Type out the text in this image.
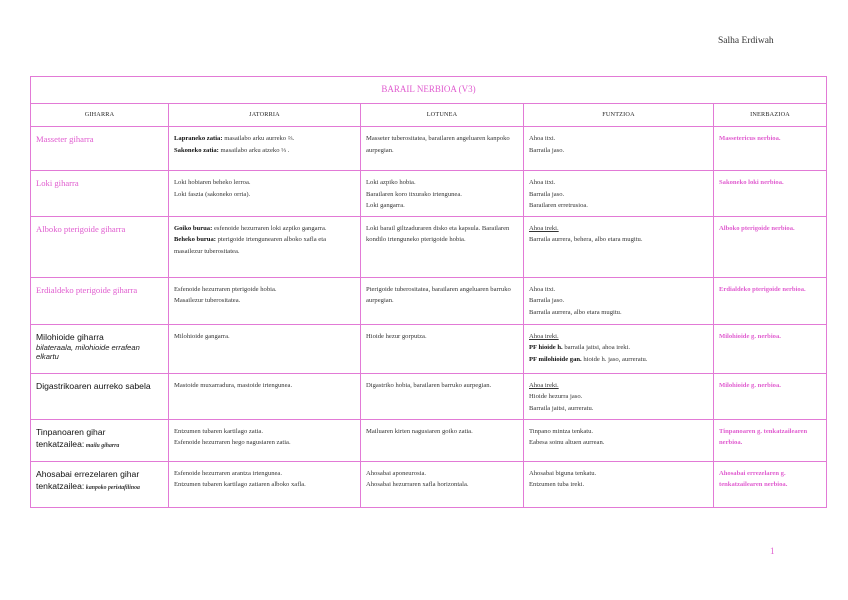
Salha Erdiwah
BARAIL NERBIOA (V3)				
GIHARRA	JATORRIA	LOTUNEA	FUNTZIOA	INERBAZIOA
Masseter giharra	Lapraneko zatia: masailabo arku aurreko ⅔.
Sakoneko zatia: masailabo arku atzeko ⅓ .	Masseter tuberositatea, barailaren angeluaren kanpoko aurpegian.	Ahoa itxi.
Barraila jaso.	Massetericus nerbioa.
Loki giharra	Loki hobiaren beheko lerroa.
Loki faszia (sakoneko orria).	Loki azpiko hobia.
Barailaren koro itxurako irtengunea.
Loki gangarra.	Ahoa itxi.
Barraila jaso.
Barailaren erretrusioa.	Sakoneko loki nerbioa.
Alboko pterigoide giharra	Goiko burua: esfenoide hezurraren loki azpiko gangarra.
Beheko burua: pterigoide irtengunearen alboko xafla eta masailezur tuberositatea.	Loki barail giltzaduraren disko eta kapsula. Barailaren kondilo irtenguneko pterigoide hobia.	Ahoa ireki.
Barraila aurrera, behera, albo etara mugitu.	Alboko pterigoide nerbioa.
Erdialdeko pterigoide giharra	Esfenoide hezurraren pterigoide hobia.
Masailezur tuberositatea.	Pterigoide tuberositatea, barailaren angeluaren barruko aurpegian.	Ahoa itxi.
Barraila jaso.
Barraila aurrera, albo etara mugitu.	Erdialdeko pterigoide nerbioa.

Milohioide giharra
bilateraala, milohioide errafean elkartu	Milohioide gangarra.	Hioide hezur gorputza.	Ahoa ireki.
PF hioide h. barraila jaitsi, ahoa ireki.
PF milohioide gan. hioide h. jaso, aurreratu.	Milohioide g. nerbioa.
Digastrikoaren aurreko sabela	Mastoide muxarradura, mastoide irtengunea.	Digastriko hobia, barailaren barruko aurpegian.	Ahoa ireki.
Hioide hezurra jaso.
Barraila jaitsi, aurreratu.	Milohioide g. nerbioa.

Tinpanoaren gihar
tenkatzailea: mailu giharra	Entzumen tubaren kartilago zatia.
Esfenoide hezurraren hego nagusiaren zatia.	Mailuaren kirten nagusiaren goiko zatia.	Tinpano mintza tenkatu.
Eabesa soinu altuen aurrean.	Tinpanoaren g. tenkatzailearen nerbioa.

Ahosabai errezelaren gihar
tenkatzailea: kanpoko peristafilinoa	Esfenoide hezurraren arantza irtengunea.
Entzumen tubaren kartilago zatiaren alboko xafla.	Ahosabai aponeurosia.
Ahosabai hezurraren xafla horizontala.	Ahosabai biguna tenkatu.
Entzumen tuba ireki.	Ahosabai errezelaren g. tenkatzailearen nerbioa.
1
